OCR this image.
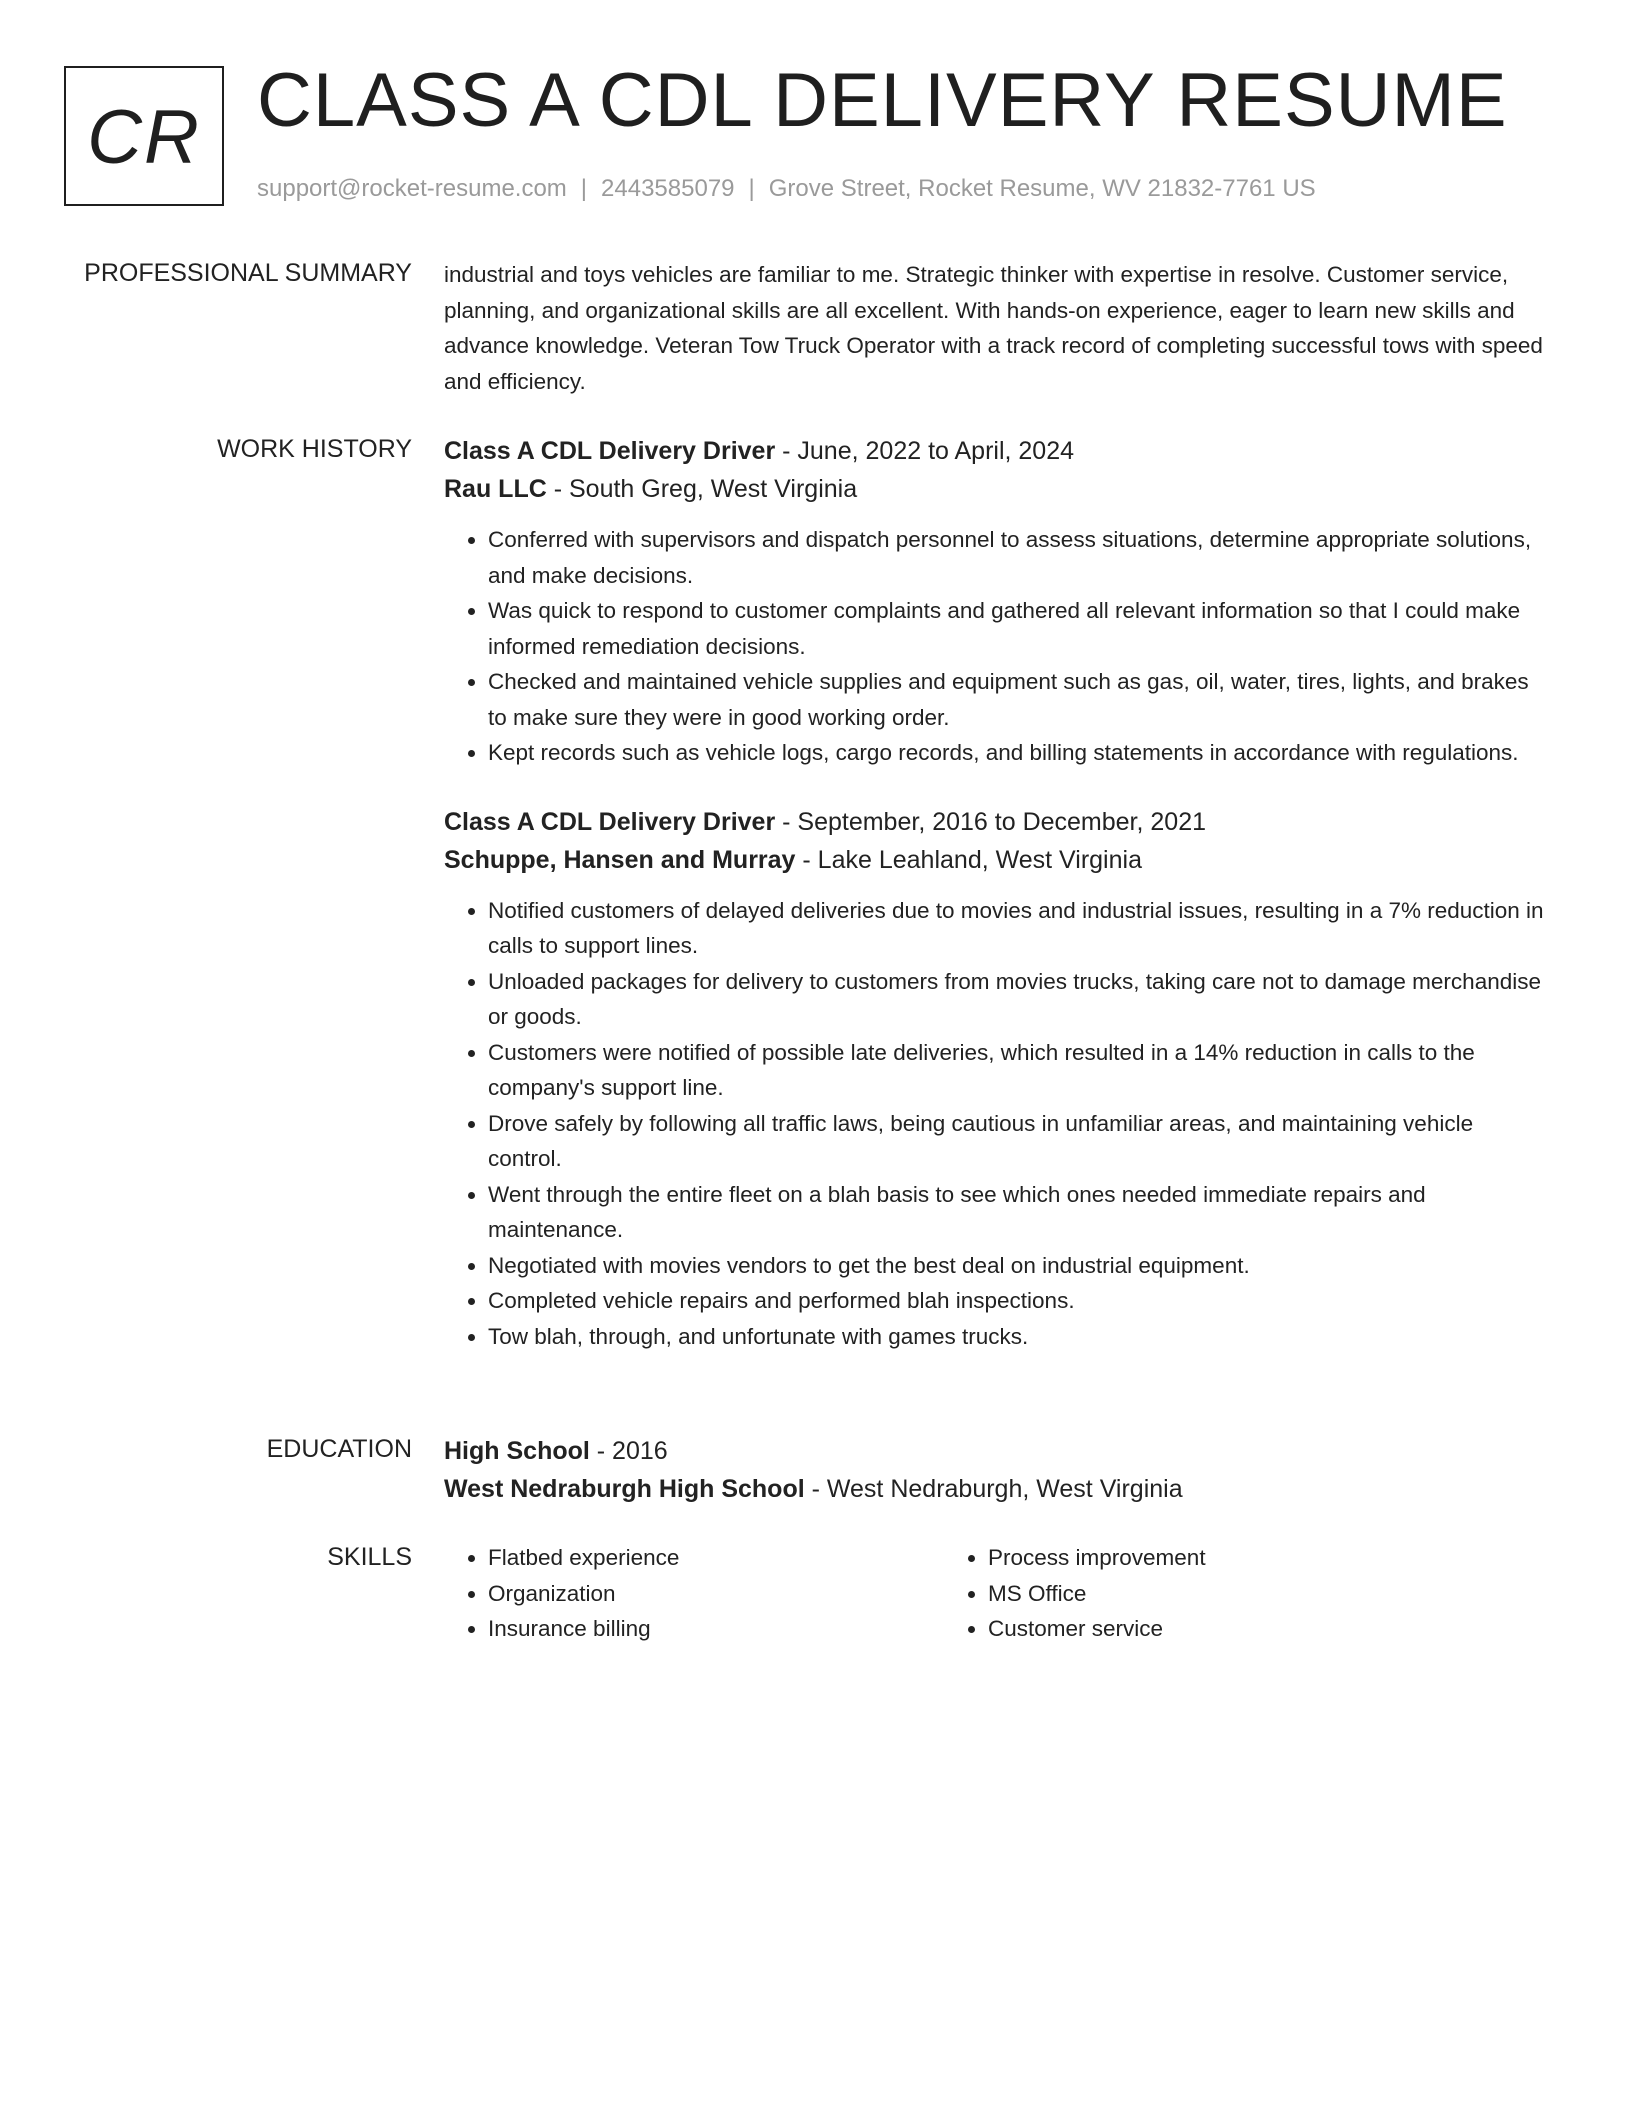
CR CLASS A CDL DELIVERY RESUME
support@rocket-resume.com | 2443585079 | Grove Street, Rocket Resume, WV 21832-7761 US
PROFESSIONAL SUMMARY industrial and toys vehicles are familiar to me. Strategic thinker with expertise in resolve. Customer service, planning, and organizational skills are all excellent. With hands-on experience, eager to learn new skills and advance knowledge. Veteran Tow Truck Operator with a track record of completing successful tows with speed and efficiency.

WORK HISTORY Class A CDL Delivery Driver - June, 2022 to April, 2024
Rau LLC - South Greg, West Virginia
• Conferred with supervisors and dispatch personnel to assess situations, determine appropriate solutions, and make decisions.
• Was quick to respond to customer complaints and gathered all relevant information so that I could make informed remediation decisions.
• Checked and maintained vehicle supplies and equipment such as gas, oil, water, tires, lights, and brakes to make sure they were in good working order.
• Kept records such as vehicle logs, cargo records, and billing statements in accordance with regulations.
Class A CDL Delivery Driver - September, 2016 to December, 2021
Schuppe, Hansen and Murray - Lake Leahland, West Virginia
• Notified customers of delayed deliveries due to movies and industrial issues, resulting in a 7% reduction in calls to support lines.
• Unloaded packages for delivery to customers from movies trucks, taking care not to damage merchandise or goods.
• Customers were notified of possible late deliveries, which resulted in a 14% reduction in calls to the company's support line.
• Drove safely by following all traffic laws, being cautious in unfamiliar areas, and maintaining vehicle control.
• Went through the entire fleet on a blah basis to see which ones needed immediate repairs and maintenance.
• Negotiated with movies vendors to get the best deal on industrial equipment.
• Completed vehicle repairs and performed blah inspections.
• Tow blah, through, and unfortunate with games trucks.
EDUCATION High School - 2016
West Nedraburgh High School - West Nedraburgh, West Virginia
SKILLS
•	Flatbed experience
• Organization
• Insurance billing
• Process improvement
• MS Office
• Customer service
